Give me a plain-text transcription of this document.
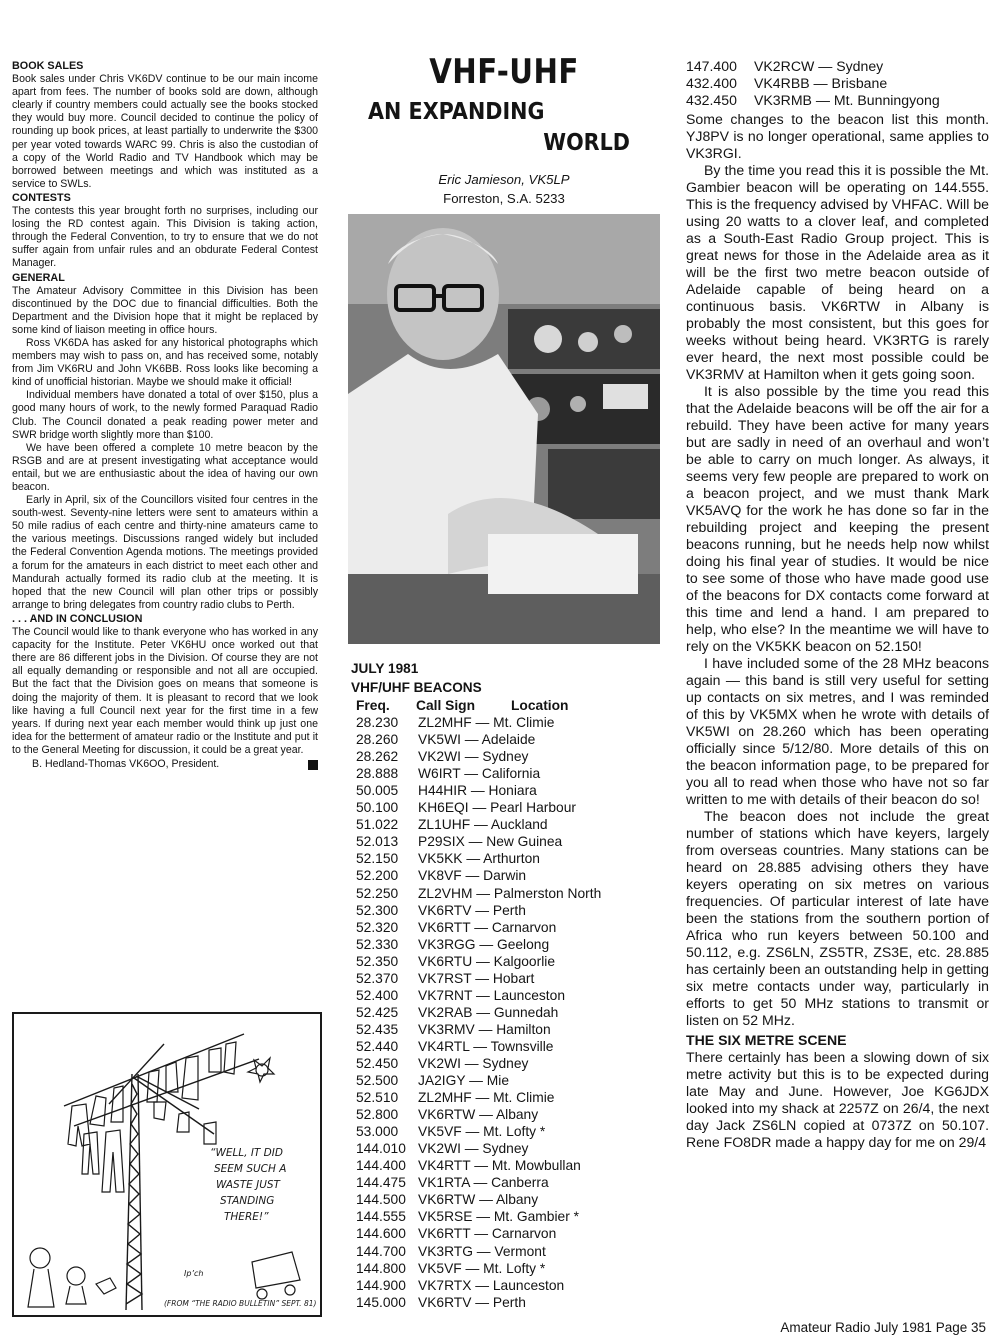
BOOK SALES

Book sales under Chris VK6DV continue to be our main income apart from fees. The number of books sold are down, although clearly if country members could actually see the books stocked they would buy more. Council decided to continue the policy of rounding up book prices, at least partially to underwrite the $300 per year voted towards WARC 99. Chris is also the custodian of a copy of the World Radio and TV Handbook which may be borrowed between meetings and which was instituted as a service to SWLs.

CONTESTS

The contests this year brought forth no surprises, including our losing the RD contest again. This Division is taking action, through the Federal Convention, to try to ensure that we do not suffer again from unfair rules and an obdurate Federal Contest Manager.

GENERAL

The Amateur Advisory Committee in this Division has been discontinued by the DOC due to financial difficulties. Both the Department and the Division hope that it might be replaced by some kind of liaison meeting in office hours.

Ross VK6DA has asked for any historical photographs which members may wish to pass on, and has received some, notably from Jim VK6RU and John VK6BB. Ross looks like becoming a kind of unofficial historian. Maybe we should make it official!

Individual members have donated a total of over $150, plus a good many hours of work, to the newly formed Paraquad Radio Club. The Council donated a peak reading power meter and SWR bridge worth slightly more than $100.

We have been offered a complete 10 metre beacon by the RSGB and are at present investigating what acceptance would entail, but we are enthusiastic about the idea of having our own beacon.

Early in April, six of the Councillors visited four centres in the south-west. Seventy-nine letters were sent to amateurs within a 50 mile radius of each centre and thirty-nine amateurs came to the various meetings. Discussions ranged widely but included the Federal Convention Agenda motions. The meetings provided a forum for the amateurs in each district to meet each other and Mandurah actually formed its radio club at the meeting. It is hoped that the new Council will plan other trips or possibly arrange to bring delegates from country radio clubs to Perth.

. . . AND IN CONCLUSION

The Council would like to thank everyone who has worked in any capacity for the Institute. Peter VK6HU once worked out that there are 86 different jobs in the Division. Of course they are not all equally demanding or responsible and not all are occupied. But the fact that the Division goes on means that someone is doing the majority of them. It is pleasant to record that we look like having a full Council next year for the first time in a few years. If during next year each member would think up just one idea for the betterment of amateur radio or the Institute and put it to the General Meeting for discussion, it could be a great year.

B. Hedland-Thomas VK6OO, President.
“WELL, IT DID
SEEM SUCH A
WASTE JUST
STANDING
THERE!”
(FROM “THE RADIO BULLETIN” SEPT. 81)
Ip’ch

VHF-UHF

AN EXPANDING

WORLD

Eric Jamieson, VK5LP
Forreston, S.A. 5233
JULY 1981
VHF/UHF BEACONS
Freq.	Call Sign	Location
28.230	ZL2MHF — Mt. Climie
28.260	VK5WI — Adelaide
28.262	VK2WI — Sydney
28.888	W6IRT — California
50.005	H44HIR — Honiara
50.100	KH6EQI — Pearl Harbour
51.022	ZL1UHF — Auckland
52.013	P29SIX — New Guinea
52.150	VK5KK — Arthurton
52.200	VK8VF — Darwin
52.250	ZL2VHM — Palmerston North
52.300	VK6RTV — Perth
52.320	VK6RTT — Carnarvon
52.330	VK3RGG — Geelong
52.350	VK6RTU — Kalgoorlie
52.370	VK7RST — Hobart
52.400	VK7RNT — Launceston
52.425	VK2RAB — Gunnedah
52.435	VK3RMV — Hamilton
52.440	VK4RTL — Townsville
52.450	VK2WI — Sydney
52.500	JA2IGY — Mie
52.510	ZL2MHF — Mt. Climie
52.800	VK6RTW — Albany
53.000	VK5VF — Mt. Lofty *
144.010 VK2WI — Sydney
144.400 VK4RTT — Mt. Mowbullan
144.475 VK1RTA — Canberra
144.500 VK6RTW — Albany
144.555 VK5RSE — Mt. Gambier *
144.600 VK6RTT — Carnarvon
144.700 VK3RTG — Vermont
144.800 VK5VF — Mt. Lofty *
144.900 VK7RTX — Launceston
145.000 VK6RTV — Perth
147.400	VK2RCW — Sydney
432.400	VK4RBB — Brisbane
432.450	VK3RMB — Mt. Bunningyong

Some changes to the beacon list this month. YJ8PV is no longer operational, same applies to VK3RGI.

By the time you read this it is possible the Mt. Gambier beacon will be operating on 144.555. This is the frequency advised by VHFAC. Will be using 20 watts to a clover leaf, and completed as a South-East Radio Group project. This is great news for those in the Adelaide area as it will be the first two metre beacon outside of Adelaide capable of being heard on a continuous basis. VK6RTW in Albany is probably the most consistent, but this goes for weeks without being heard. VK3RTG is rarely ever heard, the next most possible could be VK3RMV at Hamilton when it gets going soon.

It is also possible by the time you read this that the Adelaide beacons will be off the air for a rebuild. They have been active for many years but are sadly in need of an overhaul and won’t be able to carry on much longer. As always, it seems very few people are prepared to work on a beacon project, and we must thank Mark VK5AVQ for the work he has done so far in the rebuilding project and keeping the present beacons running, but he needs help now whilst doing his final year of studies. It would be nice to see some of those who have made good use of the beacons for DX contacts come forward at this time and lend a hand. I am prepared to help, who else? In the meantime we will have to rely on the VK5KK beacon on 52.150!

I have included some of the 28 MHz beacons again — this band is still very useful for setting up contacts on six metres, and I was reminded of this by VK5MX when he wrote with details of VK5WI on 28.260 which has been operating officially since 5/12/80. More details of this on the beacon information page, to be prepared for you all to read when those who have not so far written to me with details of their beacon do so!

The beacon does not include the great number of stations which have keyers, largely from overseas countries. Many stations can be heard on 28.885 advising others they have keyers operating on six metres on various frequencies. Of particular interest of late have been the stations from the southern portion of Africa who run keyers between 50.100 and 50.112, e.g. ZS6LN, ZS5TR, ZS3E, etc. 28.885 has certainly been an outstanding help in getting six metre contacts under way, particularly in efforts to get 50 MHz stations to transmit or listen on 52 MHz.

THE SIX METRE SCENE

There certainly has been a slowing down of six metre activity but this is to be expected during late May and June. However, Joe KG6JDX looked into my shack at 2257Z on 26/4, the next day Jack ZS6LN copied at 0737Z on 50.107. Rene FO8DR made a happy day for me on 29/4

Amateur Radio July 1981 Page 35
